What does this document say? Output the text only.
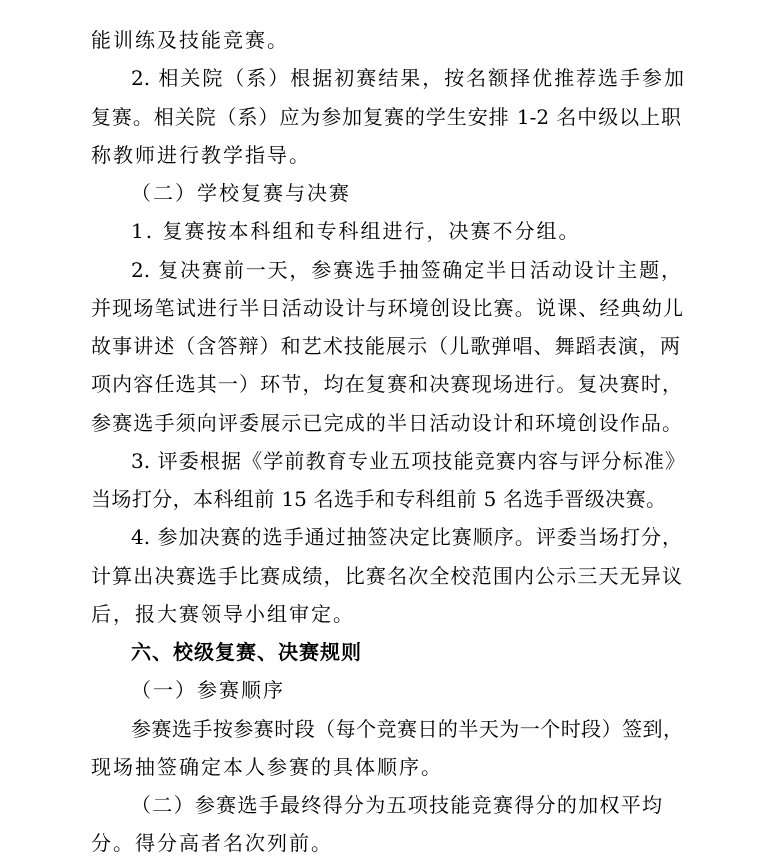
能训练及技能竞赛。
2. 相关院（系）根据初赛结果，按名额择优推荐选手参加
复赛。相关院（系）应为参加复赛的学生安排 1-2 名中级以上职
称教师进行教学指导。
（二）学校复赛与决赛
1. 复赛按本科组和专科组进行，决赛不分组。
2. 复决赛前一天，参赛选手抽签确定半日活动设计主题，
并现场笔试进行半日活动设计与环境创设比赛。说课、经典幼儿
故事讲述（含答辩）和艺术技能展示（儿歌弹唱、舞蹈表演，两
项内容任选其一）环节，均在复赛和决赛现场进行。复决赛时，
参赛选手须向评委展示已完成的半日活动设计和环境创设作品。
3. 评委根据《学前教育专业五项技能竞赛内容与评分标准》
当场打分，本科组前 15 名选手和专科组前 5 名选手晋级决赛。
4. 参加决赛的选手通过抽签决定比赛顺序。评委当场打分，
计算出决赛选手比赛成绩，比赛名次全校范围内公示三天无异议
后，报大赛领导小组审定。
六、校级复赛、决赛规则
（一）参赛顺序
参赛选手按参赛时段（每个竞赛日的半天为一个时段）签到，
现场抽签确定本人参赛的具体顺序。
（二）参赛选手最终得分为五项技能竞赛得分的加权平均
分。得分高者名次列前。
